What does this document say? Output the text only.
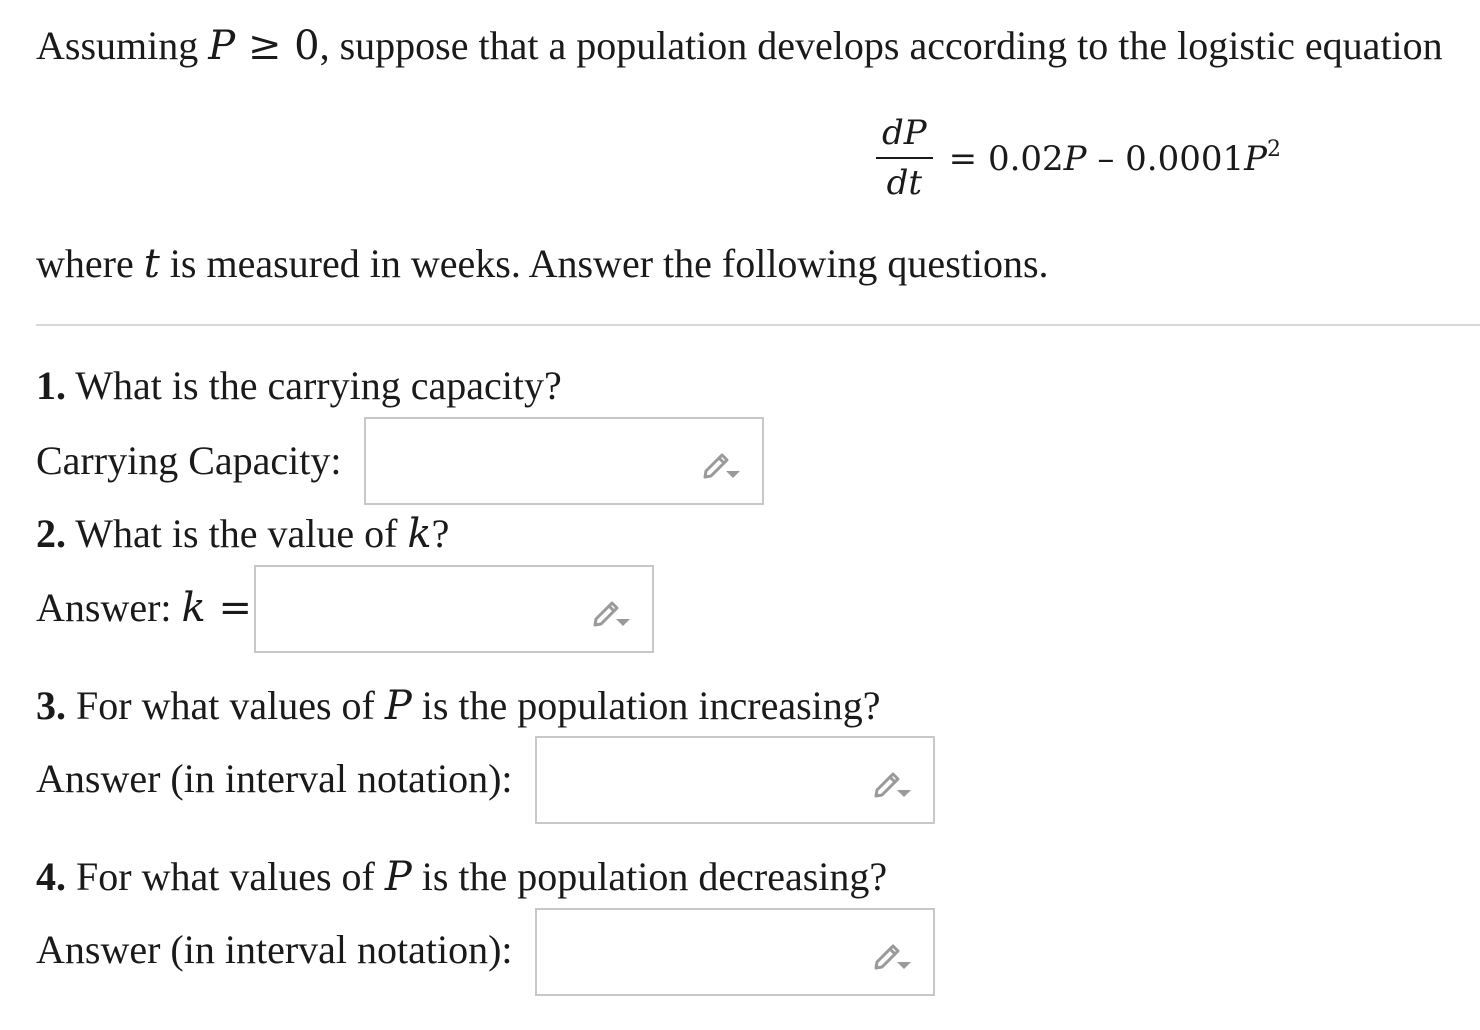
Assuming P ≥ 0, suppose that a population develops according to the logistic equation
$\frac{dP}{dt} = 0.02P - 0.0001P^2$
where t is measured in weeks. Answer the following questions.
1. What is the carrying capacity?
Carrying Capacity:
2. What is the value of k?
Answer: k =
3. For what values of P is the population increasing?
Answer (in interval notation):
4. For what values of P is the population decreasing?
Answer (in interval notation):
